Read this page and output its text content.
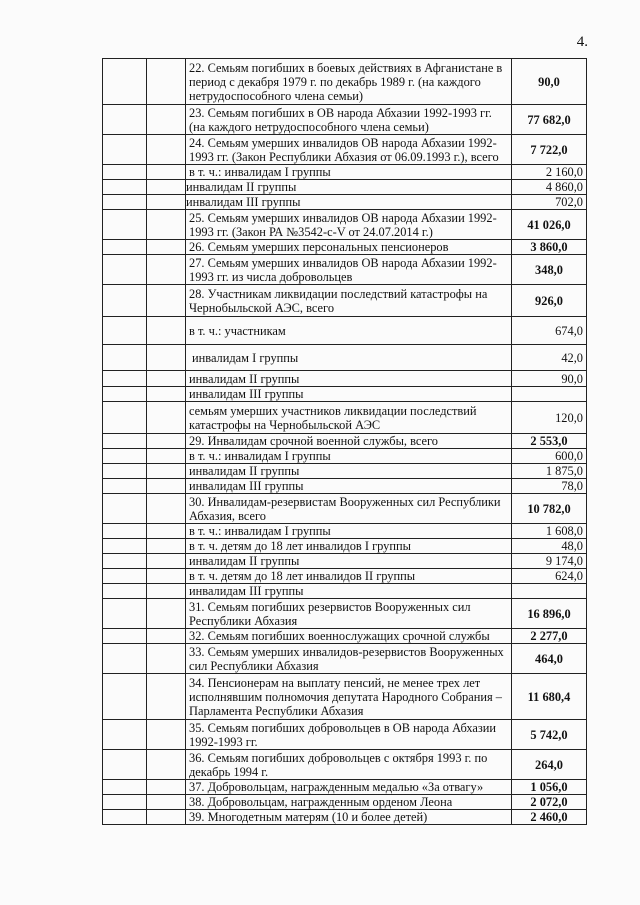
4.
		22. Семьям погибших в боевых действиях в Афганистане в период с декабря 1979 г. по декабрь 1989 г. (на каждого нетрудоспособного члена семьи)	90,0
		23. Семьям погибших в ОВ народа Абхазии 1992-1993 гг. (на каждого нетрудоспособного члена семьи)	77 682,0
		24. Семьям умерших инвалидов ОВ народа Абхазии 1992-1993 гг. (Закон Республики Абхазия от 06.09.1993 г.), всего	7 722,0
		в т. ч.: инвалидам I группы	2 160,0
		инвалидам II группы	4 860,0
		инвалидам III группы	702,0
		25. Семьям умерших инвалидов ОВ народа Абхазии 1992-1993 гг. (Закон РА №3542-с-V от 24.07.2014 г.)	41 026,0
		26. Семьям умерших персональных пенсионеров	3 860,0
		27. Семьям умерших инвалидов ОВ народа Абхазии 1992-1993 гг. из числа добровольцев	348,0
		28. Участникам ликвидации последствий катастрофы на Чернобыльской АЭС, всего	926,0
		в т. ч.: участникам	674,0
		инвалидам I группы	42,0
		инвалидам II группы	90,0
		инвалидам III группы	
		семьям умерших участников ликвидации последствий катастрофы на Чернобыльской АЭС	120,0
		29. Инвалидам срочной военной службы, всего	2 553,0
		в т. ч.: инвалидам I группы	600,0
		инвалидам II группы	1 875,0
		инвалидам III группы	78,0
		30. Инвалидам-резервистам Вооруженных сил Республики Абхазия, всего	10 782,0
		в т. ч.: инвалидам I группы	1 608,0
		в т. ч. детям до 18 лет инвалидов I группы	48,0
		инвалидам II группы	9 174,0
		в т. ч. детям до 18 лет инвалидов II группы	624,0
		инвалидам III группы	
		31. Семьям погибших резервистов Вооруженных сил Республики Абхазия	16 896,0
		32. Семьям погибших военнослужащих срочной службы	2 277,0
		33. Семьям умерших инвалидов-резервистов Вооруженных сил Республики Абхазия	464,0
		34. Пенсионерам на выплату пенсий, не менее трех лет исполнявшим полномочия депутата Народного Собрания – Парламента Республики Абхазия	11 680,4
		35. Семьям погибших добровольцев в ОВ народа Абхазии 1992-1993 гг.	5 742,0
		36. Семьям погибших добровольцев с октября 1993 г. по декабрь 1994 г.	264,0
		37. Добровольцам, награжденным медалью «За отвагу»	1 056,0
		38. Добровольцам, награжденным орденом Леона	2 072,0
		39. Многодетным матерям (10 и более детей)	2 460,0
